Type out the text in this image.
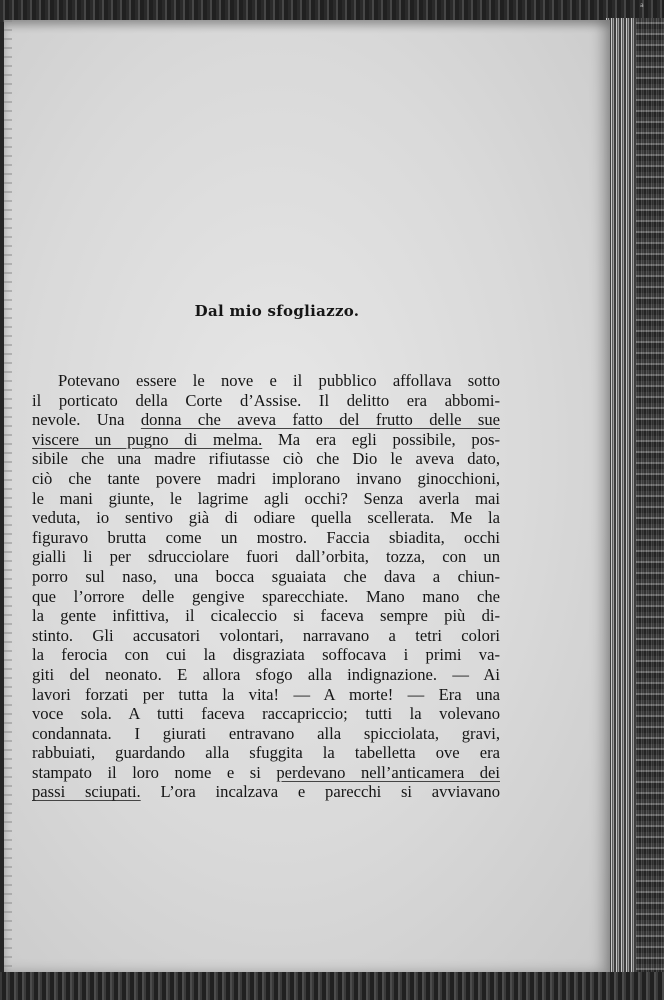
a
Dal mio sfogliazzo.
Potevano essere le nove e il pubblico affollava sotto
il porticato della Corte d’Assise. Il delitto era abbomi-
nevole. Una donna che aveva fatto del frutto delle sue
viscere un pugno di melma. Ma era egli possibile, pos-
sibile che una madre rifiutasse ciò che Dio le aveva dato,
ciò che tante povere madri implorano invano ginocchioni,
le mani giunte, le lagrime agli occhi? Senza averla mai
veduta, io sentivo già di odiare quella scellerata. Me la
figuravo brutta come un mostro. Faccia sbiadita, occhi
gialli li per sdrucciolare fuori dall’orbita, tozza, con un
porro sul naso, una bocca sguaiata che dava a chiun-
que l’orrore delle gengive sparecchiate. Mano mano che
la gente infittiva, il cicaleccio si faceva sempre più di-
stinto. Gli accusatori volontari, narravano a tetri colori
la ferocia con cui la disgraziata soffocava i primi va-
giti del neonato. E allora sfogo alla indignazione. — Ai
lavori forzati per tutta la vita! — A morte! — Era una
voce sola. A tutti faceva raccapriccio; tutti la volevano
condannata. I giurati entravano alla spicciolata, gravi,
rabbuiati, guardando alla sfuggita la tabelletta ove era
stampato il loro nome e si perdevano nell’anticamera dei
passi sciupati. L’ora incalzava e parecchi si avviavano
